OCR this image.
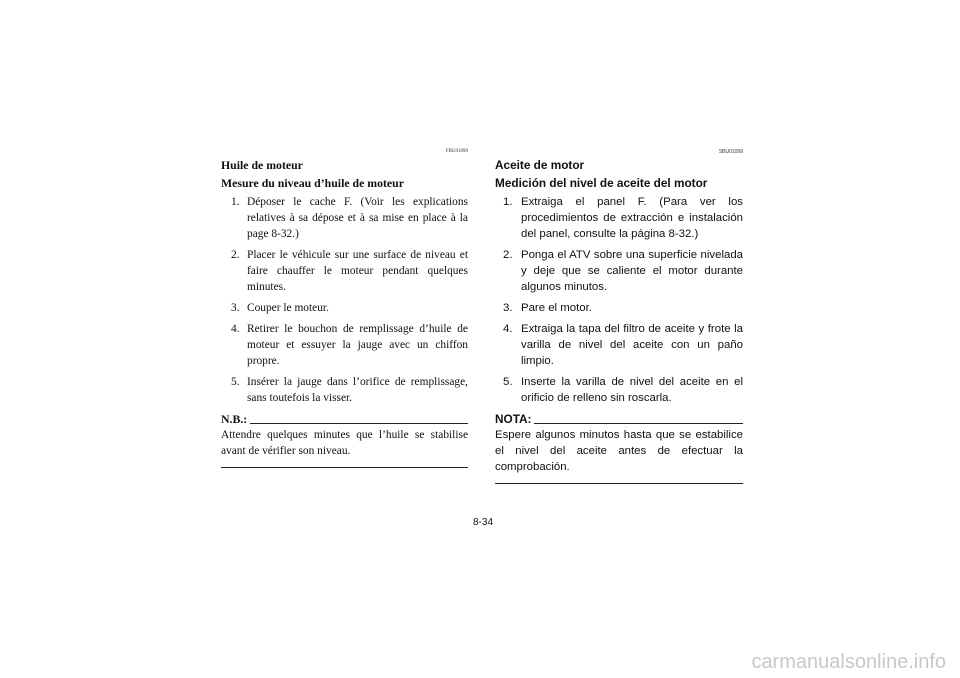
FBU01099
Huile de moteur
Mesure du niveau d’huile de moteur
1. Déposer le cache F. (Voir les explications relatives à sa dépose et à sa mise en place à la page 8-32.)
2. Placer le véhicule sur une surface de niveau et faire chauffer le moteur pendant quelques minutes.
3. Couper le moteur.
4. Retirer le bouchon de remplissage d’huile de moteur et essuyer la jauge avec un chiffon propre.
5. Insérer la jauge dans l’orifice de remplissage, sans toutefois la visser.
N.B.:
Attendre quelques minutes que l’huile se stabilise avant de vérifier son niveau.
SBU01099
Aceite de motor
Medición del nivel de aceite del motor
1. Extraiga el panel F. (Para ver los procedimientos de extracción e instalación del panel, consulte la página 8-32.)
2. Ponga el ATV sobre una superficie nivelada y deje que se caliente el motor durante algunos minutos.
3. Pare el motor.
4. Extraiga la tapa del filtro de aceite y frote la varilla de nivel del aceite con un paño limpio.
5. Inserte la varilla de nivel del aceite en el orificio de relleno sin roscarla.
NOTA:
Espere algunos minutos hasta que se estabilice el nivel del aceite antes de efectuar la comprobación.
8-34
carmanualsonline.info
